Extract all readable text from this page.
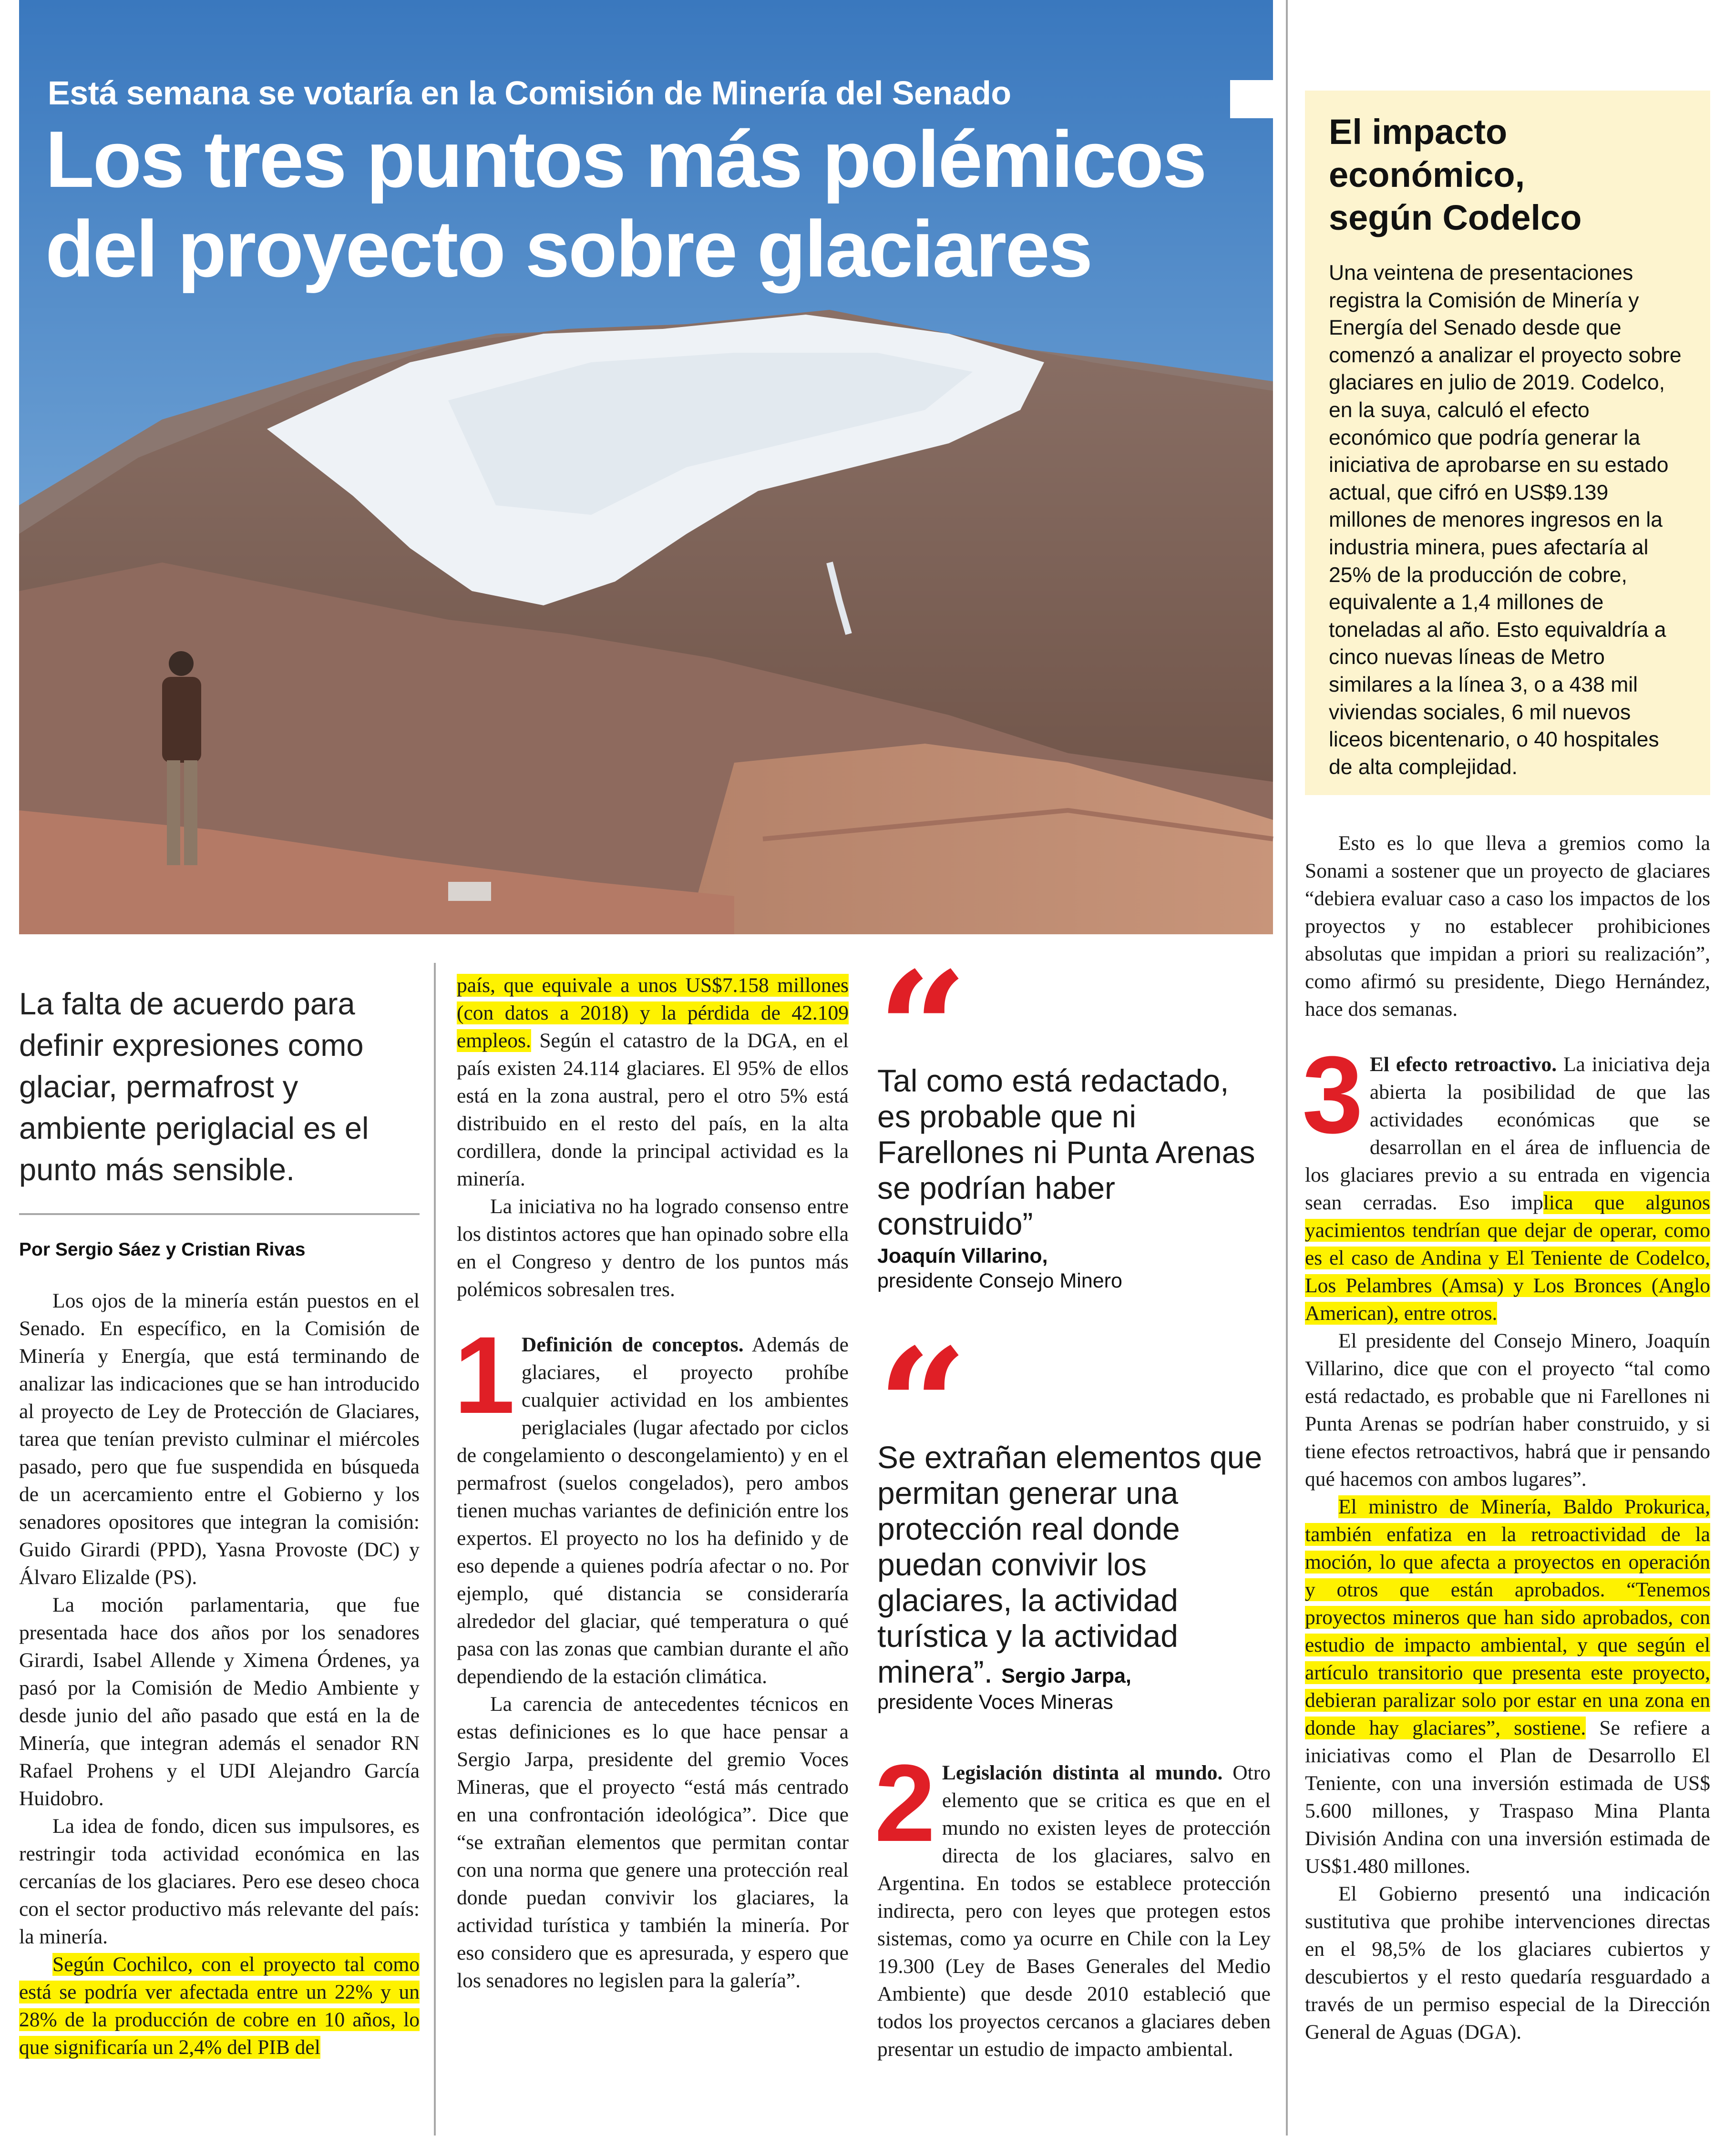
Está semana se votaría en la Comisión de Minería del Senado
Los tres puntos más polémicos
del proyecto sobre glaciares
El impacto
económico,
según Codelco

Una veintena de presentaciones registra la Comisión de Minería y Energía del Senado desde que comenzó a analizar el proyecto sobre glaciares en julio de 2019. Codelco, en la suya, calculó el efecto económico que podría generar la iniciativa de aprobarse en su estado actual, que cifró en US$9.139 millones de menores ingresos en la industria minera, pues afectaría al 25% de la producción de cobre, equivalente a 1,4 millones de toneladas al año. Esto equivaldría a cinco nuevas líneas de Metro similares a la línea 3, o a 438 mil viviendas sociales, 6 mil nuevos liceos bicentenario, o 40 hospitales de alta complejidad.

La falta de acuerdo para definir expresiones como glaciar, permafrost y ambiente periglacial es el punto más sensible.
Por Sergio Sáez y Cristian Rivas

Los ojos de la minería están puestos en el Senado. En específico, en la Comisión de Minería y Energía, que está terminando de analizar las indicaciones que se han introducido al proyecto de Ley de Protección de Glaciares, tarea que tenían previsto culminar el miércoles pasado, pero que fue suspendida en búsqueda de un acercamiento entre el Gobierno y los senadores opositores que integran la comisión: Guido Girardi (PPD), Yasna Provoste (DC) y Álvaro Elizalde (PS).

La moción parlamentaria, que fue presentada hace dos años por los senadores Girardi, Isabel Allende y Ximena Órdenes, ya pasó por la Comisión de Medio Ambiente y desde junio del año pasado que está en la de Minería, que integran además el senador RN Rafael Prohens y el UDI Alejandro García Huidobro.

La idea de fondo, dicen sus impulsores, es restringir toda actividad económica en las cercanías de los glaciares. Pero ese deseo choca con el sector productivo más relevante del país: la minería.

Según Cochilco, con el proyecto tal como está se podría ver afectada entre un 22% y un 28% de la producción de cobre en 10 años, lo que significaría un 2,4% del PIB del

país, que equivale a unos US$7.158 millones (con datos a 2018) y la pérdida de 42.109 empleos. Según el catastro de la DGA, en el país existen 24.114 glaciares. El 95% de ellos está en la zona austral, pero el otro 5% está distribuido en el resto del país, en la alta cordillera, donde la principal actividad es la minería.

La iniciativa no ha logrado consenso entre los distintos actores que han opinado sobre ella en el Congreso y dentro de los puntos más polémicos sobresalen tres.

1 Definición de conceptos. Además de glaciares, el proyecto prohíbe cualquier actividad en los ambientes periglaciales (lugar afectado por ciclos de congelamiento o descongelamiento) y en el permafrost (suelos congelados), pero ambos tienen muchas variantes de definición entre los expertos. El proyecto no los ha definido y de eso depende a quienes podría afectar o no. Por ejemplo, qué distancia se consideraría alrededor del glaciar, qué temperatura o qué pasa con las zonas que cambian durante el año dependiendo de la estación climática.

La carencia de antecedentes técnicos en estas definiciones es lo que hace pensar a Sergio Jarpa, presidente del gremio Voces Mineras, que el proyecto “está más centrado en una confrontación ideológica”. Dice que “se extrañan elementos que permitan contar con una norma que genere una protección real donde puedan convivir los glaciares, la actividad turística y también la minería. Por eso considero que es apresurada, y espero que los senadores no legislen para la galería”.

“
Tal como está redactado, es probable que ni Farellones ni Punta Arenas se podrían haber construido”
Joaquín Villarino,
presidente Consejo Minero
“
Se extrañan elementos que permitan generar una protección real donde puedan convivir los glaciares, la actividad turística y la actividad minera”. Sergio Jarpa,
presidente Voces Mineras

2 Legislación distinta al mundo. Otro elemento que se critica es que en el mundo no existen leyes de protección directa de los glaciares, salvo en Argentina. En todos se establece protección indirecta, pero con leyes que protegen estos sistemas, como ya ocurre en Chile con la Ley 19.300 (Ley de Bases Generales del Medio Ambiente) que desde 2010 estableció que todos los proyectos cercanos a glaciares deben presentar un estudio de impacto ambiental.

Esto es lo que lleva a gremios como la Sonami a sostener que un proyecto de glaciares “debiera evaluar caso a caso los impactos de los proyectos y no establecer prohibiciones absolutas que impidan a priori su realización”, como afirmó su presidente, Diego Hernández, hace dos semanas.

3 El efecto retroactivo. La iniciativa deja abierta la posibilidad de que las actividades económicas que se desarrollan en el área de influencia de los glaciares previo a su entrada en vigencia sean cerradas. Eso implica que algunos yacimientos tendrían que dejar de operar, como es el caso de Andina y El Teniente de Codelco, Los Pelambres (Amsa) y Los Bronces (Anglo American), entre otros.

El presidente del Consejo Minero, Joaquín Villarino, dice que con el proyecto “tal como está redactado, es probable que ni Farellones ni Punta Arenas se podrían haber construido, y si tiene efectos retroactivos, habrá que ir pensando qué hacemos con ambos lugares”.

El ministro de Minería, Baldo Prokurica, también enfatiza en la retroactividad de la moción, lo que afecta a proyectos en operación y otros que están aprobados. “Tenemos proyectos mineros que han sido aprobados, con estudio de impacto ambiental, y que según el artículo transitorio que presenta este proyecto, debieran paralizar solo por estar en una zona en donde hay glaciares”, sostiene. Se refiere a iniciativas como el Plan de Desarrollo El Teniente, con una inversión estimada de US$ 5.600 millones, y Traspaso Mina Planta División Andina con una inversión estimada de US$1.480 millones.

El Gobierno presentó una indicación sustitutiva que prohibe intervenciones directas en el 98,5% de los glaciares cubiertos y descubiertos y el resto quedaría resguardado a través de un permiso especial de la Dirección General de Aguas (DGA).
